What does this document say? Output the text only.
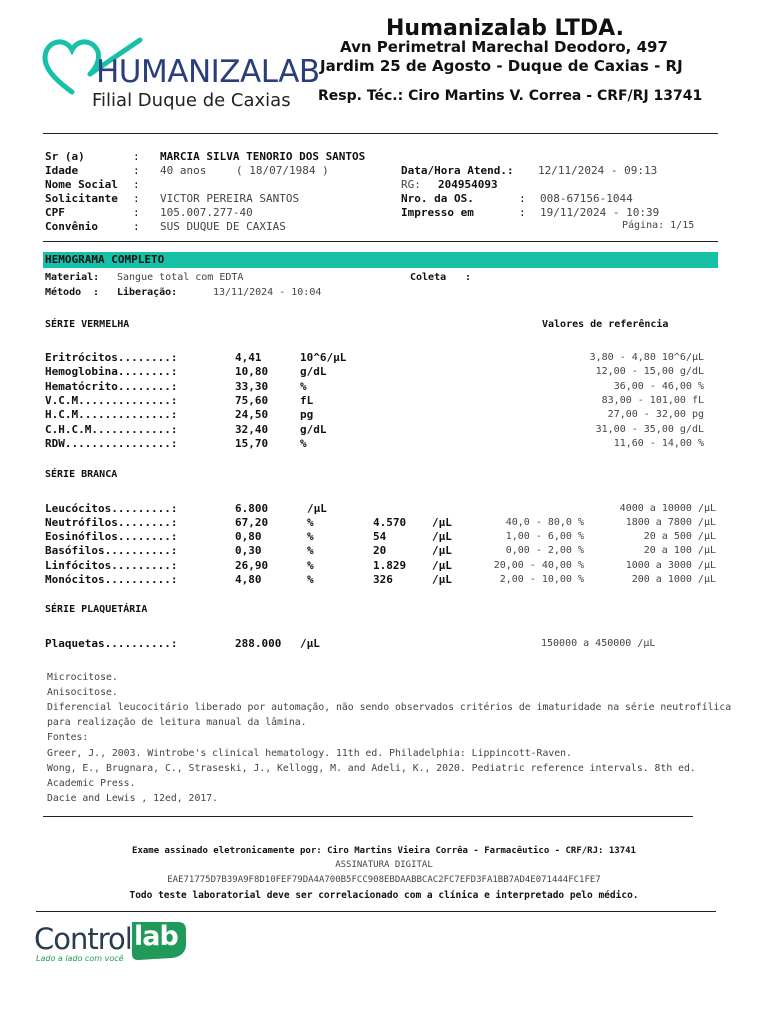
HUMANIZALAB
Filial Duque de Caxias
Humanizalab LTDA.
Avn Perimetral Marechal Deodoro, 497
Jardim 25 de Agosto - Duque de Caxias - RJ
Resp. Téc.: Ciro Martins V. Correa - CRF/RJ 13741
Sr (a)	: MARCIA SILVA TENORIO DOS SANTOS
Idade	: 40 anos	( 18/07/1984 )
Nome Social :
Solicitante : VICTOR PEREIRA SANTOS
CPF	: 105.007.277-40
Convênio	: SUS DUQUE DE CAXIAS
Data/Hora Atend.: 12/11/2024 - 09:13
RG: 204954093
Nro. da OS.	: 008-67156-1044
Impresso em	: 19/11/2024 - 10:39
Página: 1/15
HEMOGRAMA COMPLETO
Material: Sangue total com EDTA	Coleta :
Método : Liberação:	13/11/2024 - 10:04
SÉRIE VERMELHA	Valores de referência
Eritrócitos........:	4,41	10^6/µL	3,80 - 4,80 10^6/µL
Hemoglobina........:	10,80	g/dL	12,00 - 15,00 g/dL
Hematócrito........:	33,30	%	36,00 - 46,00 %
V.C.M..............:	75,60	fL	83,00 - 101,00 fL
H.C.M..............:	24,50	pg	27,00 - 32,00 pg
C.H.C.M............:	32,40	g/dL	31,00 - 35,00 g/dL
RDW................:	15,70	%	11,60 - 14,00 %
SÉRIE BRANCA
Leucócitos.........:	6.800	/µL	4000 a 10000 /µL
Neutrófilos........:	67,20	%	4.570 /µL	40,0 - 80,0 %	1800 a 7800 /µL
Eosinófilos........:	0,80	%	54	/µL	1,00 - 6,00 %	20 a 500 /µL
Basófilos..........:	0,30	%	20	/µL	0,00 - 2,00 %	20 a 100 /µL
Linfócitos.........:	26,90	%	1.829 /µL	20,00 - 40,00 %	1000 a 3000 /µL
Monócitos..........:	4,80	%	326	/µL	2,00 - 10,00 %	200 a 1000 /µL
SÉRIE PLAQUETÁRIA
Plaquetas..........:	288.000 /µL	150000 a 450000 /µL
Microcitose.
Anisocitose.
Diferencial leucocitário liberado por automação, não sendo observados critérios de imaturidade na série neutrofílica
para realização de leitura manual da lâmina.
Fontes:
Greer, J., 2003. Wintrobe's clinical hematology. 11th ed. Philadelphia: Lippincott-Raven.
Wong, E., Brugnara, C., Straseski, J., Kellogg, M. and Adeli, K., 2020. Pediatric reference intervals. 8th ed.
Academic Press.
Dacie and Lewis , 12ed, 2017.
Exame assinado eletronicamente por: Ciro Martins Vieira Corrêa - Farmacêutico - CRF/RJ: 13741
ASSINATURA DIGITAL
EAE71775D7B39A9F8D10FEF79DA4A700B5FCC908EBDAABBCAC2FC7EFD3FA1BB7AD4E071444FC1FE7
Todo teste laboratorial deve ser correlacionado com a clínica e interpretado pelo médico.
Control lab
Lado a lado com você
